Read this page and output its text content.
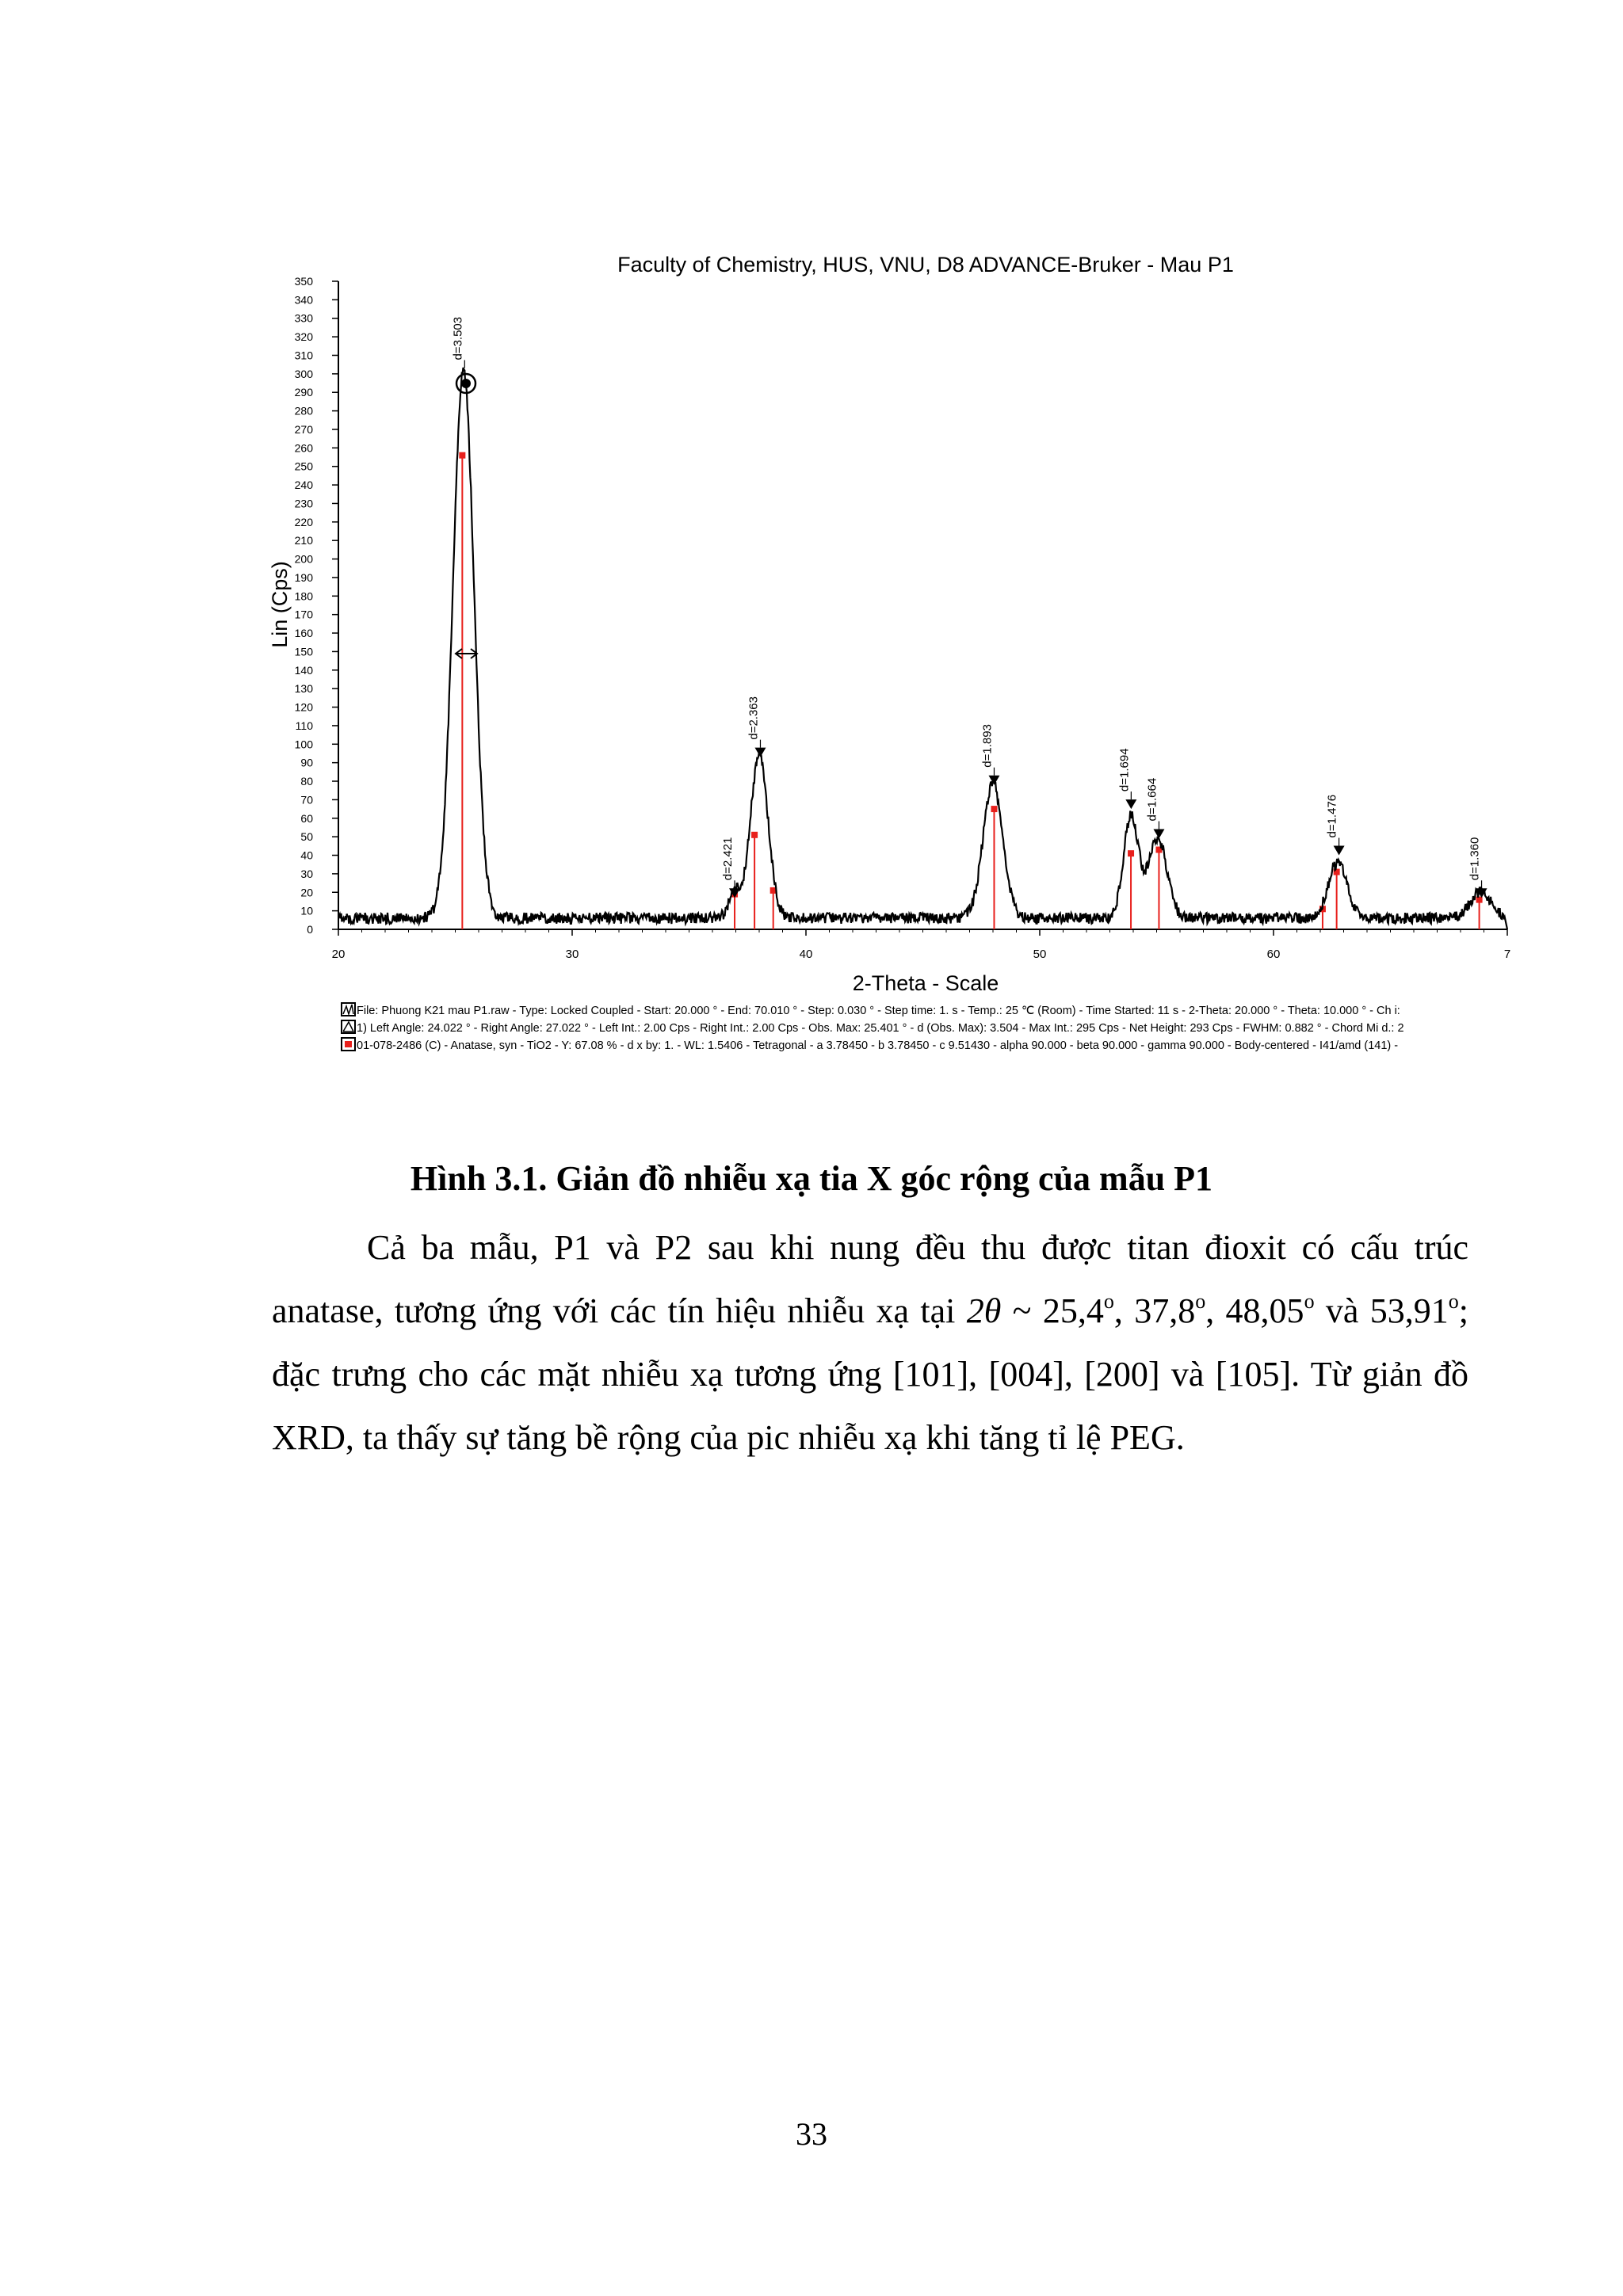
Faculty of Chemistry, HUS, VNU, D8 ADVANCE-Bruker - Mau P1
Lin (Cps)
2-Theta - Scale
0
10
20
30
40
50
60
70
80
90
100
110
120
130
140
150
160
170
180
190
200
210
220
230
240
250
260
270
280
290
300
310
320
330
340
350
20	30	40	50	60	7
d=3.503
d=2.421
d=2.363
d=1.893
d=1.694
d=1.664	d=1.476
d=1.360
File: Phuong K21 mau P1.raw - Type: Locked Coupled - Start: 20.000 ° - End: 70.010 ° - Step: 0.030 ° - Step time: 1. s - Temp.: 25 ℃ (Room) - Time Started: 11 s - 2-Theta: 20.000 ° - Theta: 10.000 ° - Ch i:
1) Left Angle: 24.022 ° - Right Angle: 27.022 ° - Left Int.: 2.00 Cps - Right Int.: 2.00 Cps - Obs. Max: 25.401 ° - d (Obs. Max): 3.504 - Max Int.: 295 Cps - Net Height: 293 Cps - FWHM: 0.882 ° - Chord Mi d.: 2
01-078-2486 (C) - Anatase, syn - TiO2 - Y: 67.08 % - d x by: 1. - WL: 1.5406 - Tetragonal - a 3.78450 - b 3.78450 - c 9.51430 - alpha 90.000 - beta 90.000 - gamma 90.000 - Body-centered - I41/amd (141) -
Hình 3.1. Giản đồ nhiễu xạ tia X góc rộng của mẫu P1
Cả ba mẫu, P1 và P2 sau khi nung đều thu được titan đioxit có cấu trúc
anatase, tương ứng với các tín hiệu nhiễu xạ tại 2θ ~ 25,4$^o$, 37,8$^o$, 48,05$^o$ và 53,91$^o$;
đặc trưng cho các mặt nhiễu xạ tương ứng [101], [004], [200] và [105]. Từ giản đồ
XRD, ta thấy sự tăng bề rộng của pic nhiễu xạ khi tăng tỉ lệ PEG.
33
